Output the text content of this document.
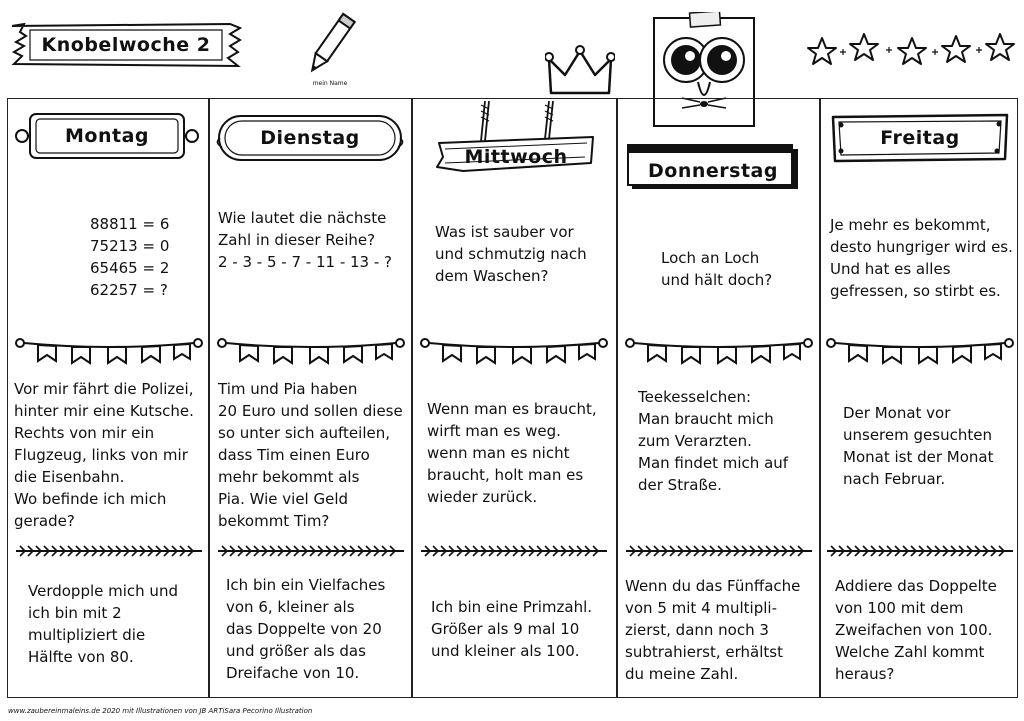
Knobelwoche 2
mein Name
Montag
88811 = 6
75213 = 0
65465 = 2
62257 = ?
Vor mir fährt die Polizei,
hinter mir eine Kutsche.
Rechts von mir ein
Flugzeug, links von mir
die Eisenbahn.
Wo befinde ich mich
gerade?
Verdopple mich und
ich bin mit 2
multipliziert die
Hälfte von 80.
Dienstag
Wie lautet die nächste
Zahl in dieser Reihe?
2 - 3 - 5 - 7 - 11 - 13 - ?
Tim und Pia haben
20 Euro und sollen diese
so unter sich aufteilen,
dass Tim einen Euro
mehr bekommt als
Pia. Wie viel Geld
bekommt Tim?
Ich bin ein Vielfaches
von 6, kleiner als
das Doppelte von 20
und größer als das
Dreifache von 10.
Mittwoch
Was ist sauber vor
und schmutzig nach
dem Waschen?
Wenn man es braucht,
wirft man es weg.
wenn man es nicht
braucht, holt man es
wieder zurück.
Ich bin eine Primzahl.
Größer als 9 mal 10
und kleiner als 100.
Donnerstag
Loch an Loch
und hält doch?
Teekesselchen:
Man braucht mich
zum Verarzten.
Man findet mich auf
der Straße.
Wenn du das Fünffache
von 5 mit 4 multipli-
zierst, dann noch 3
subtrahierst, erhältst
du meine Zahl.
Freitag
Je mehr es bekommt,
desto hungriger wird es.
Und hat es alles
gefressen, so stirbt es.
Der Monat vor
unserem gesuchten
Monat ist der Monat
nach Februar.
Addiere das Doppelte
von 100 mit dem
Zweifachen von 100.
Welche Zahl kommt
heraus?
www.zaubereinmaleins.de 2020 mit Illustrationen von JB ARTiSara Pecorino Illustration
